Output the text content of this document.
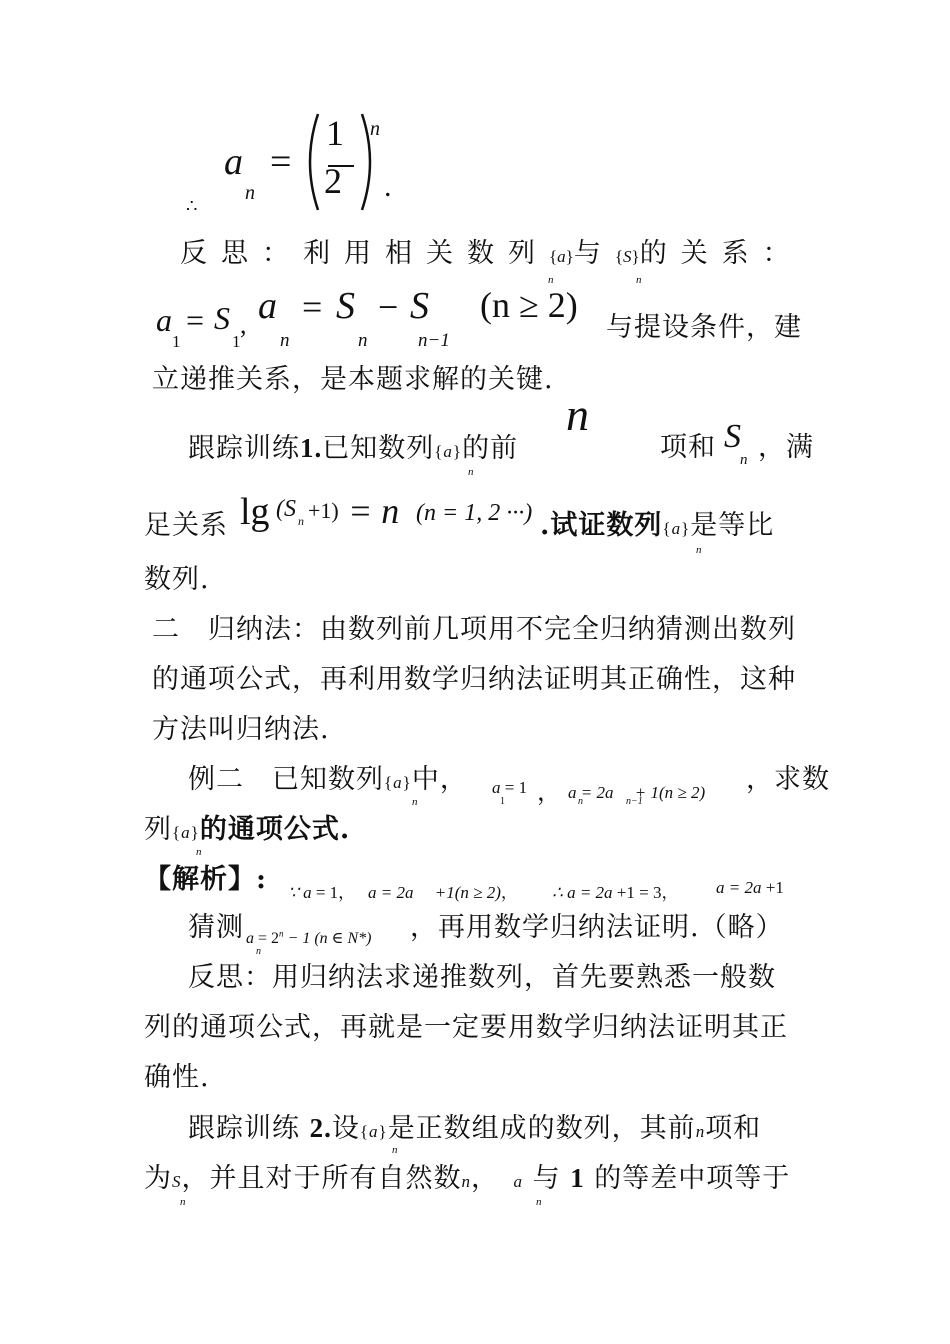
∴
a
n
=
1
2
n
.
反思：利用相关数列{a}与{S}的关系：
n	n
a
1
= S
1
, a
n
= S
n
− S
n−1
(n ≥ 2)
与提设条件，建
立递推关系，是本题求解的关键.
跟踪训练1.已知数列{a}的前
n
n
项和 S
n ，满
足关系 lg (S n +1) = n (n = 1, 2 ···) .试证数列{a}是等比
n
数列.
二　归纳法：由数列前几项用不完全归纳猜测出数列
的通项公式，再利用数学归纳法证明其正确性，这种
方法叫归纳法.
例二　已知数列{a}中，
n
a = 1
1 ， a = 2a　 + 1(n ≥ 2)
n	n−1
，求数
列{a}的通项公式.
n
【解析】: ∵ a = 1， a = 2a　 +1(n ≥ 2)， ∴ a = 2a +1 = 3， a = 2a +1
猜测 $a = 2^n - 1$ (n ∈ N*)
n
，再用数学归纳法证明.（略）
反思：用归纳法求递推数列，首先要熟悉一般数
列的通项公式，再就是一定要用数学归纳法证明其正
确性.
跟踪训练 2.设{a}是正数组成的数列，其前n项和
n
为S，并且对于所有自然数n，　 a 与 1 的等差中项等于
n	n
